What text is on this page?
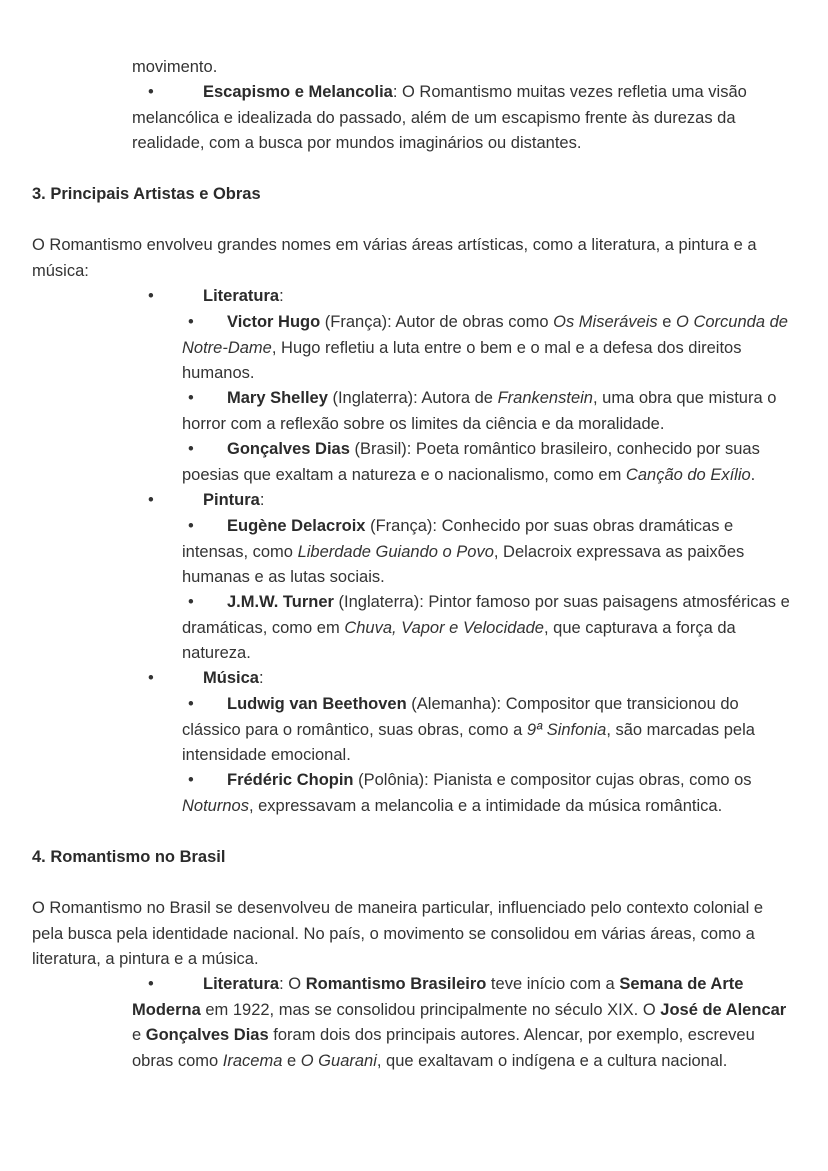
movimento.

•	Escapismo e Melancolia: O Romantismo muitas vezes refletia uma visão melancólica e idealizada do passado, além de um escapismo frente às durezas da realidade, com a busca por mundos imaginários ou distantes.

3. Principais Artistas e Obras

O Romantismo envolveu grandes nomes em várias áreas artísticas, como a literatura, a pintura e a música:

•	Literatura:

• Victor Hugo (França): Autor de obras como Os Miseráveis e O Corcunda de Notre-Dame, Hugo refletiu a luta entre o bem e o mal e a defesa dos direitos humanos.

• Mary Shelley (Inglaterra): Autora de Frankenstein, uma obra que mistura o horror com a reflexão sobre os limites da ciência e da moralidade.

• Gonçalves Dias (Brasil): Poeta romântico brasileiro, conhecido por suas poesias que exaltam a natureza e o nacionalismo, como em Canção do Exílio.

•	Pintura:

• Eugène Delacroix (França): Conhecido por suas obras dramáticas e intensas, como Liberdade Guiando o Povo, Delacroix expressava as paixões humanas e as lutas sociais.

• J.M.W. Turner (Inglaterra): Pintor famoso por suas paisagens atmosféricas e dramáticas, como em Chuva, Vapor e Velocidade, que capturava a força da natureza.

•	Música:

• Ludwig van Beethoven (Alemanha): Compositor que transicionou do clássico para o romântico, suas obras, como a 9ª Sinfonia, são marcadas pela intensidade emocional.

• Frédéric Chopin (Polônia): Pianista e compositor cujas obras, como os Noturnos, expressavam a melancolia e a intimidade da música romântica.

4. Romantismo no Brasil

O Romantismo no Brasil se desenvolveu de maneira particular, influenciado pelo contexto colonial e pela busca pela identidade nacional. No país, o movimento se consolidou em várias áreas, como a literatura, a pintura e a música.

•	Literatura: O Romantismo Brasileiro teve início com a Semana de Arte Moderna em 1922, mas se consolidou principalmente no século XIX. O José de Alencar e Gonçalves Dias foram dois dos principais autores. Alencar, por exemplo, escreveu obras como Iracema e O Guarani, que exaltavam o indígena e a cultura nacional.
